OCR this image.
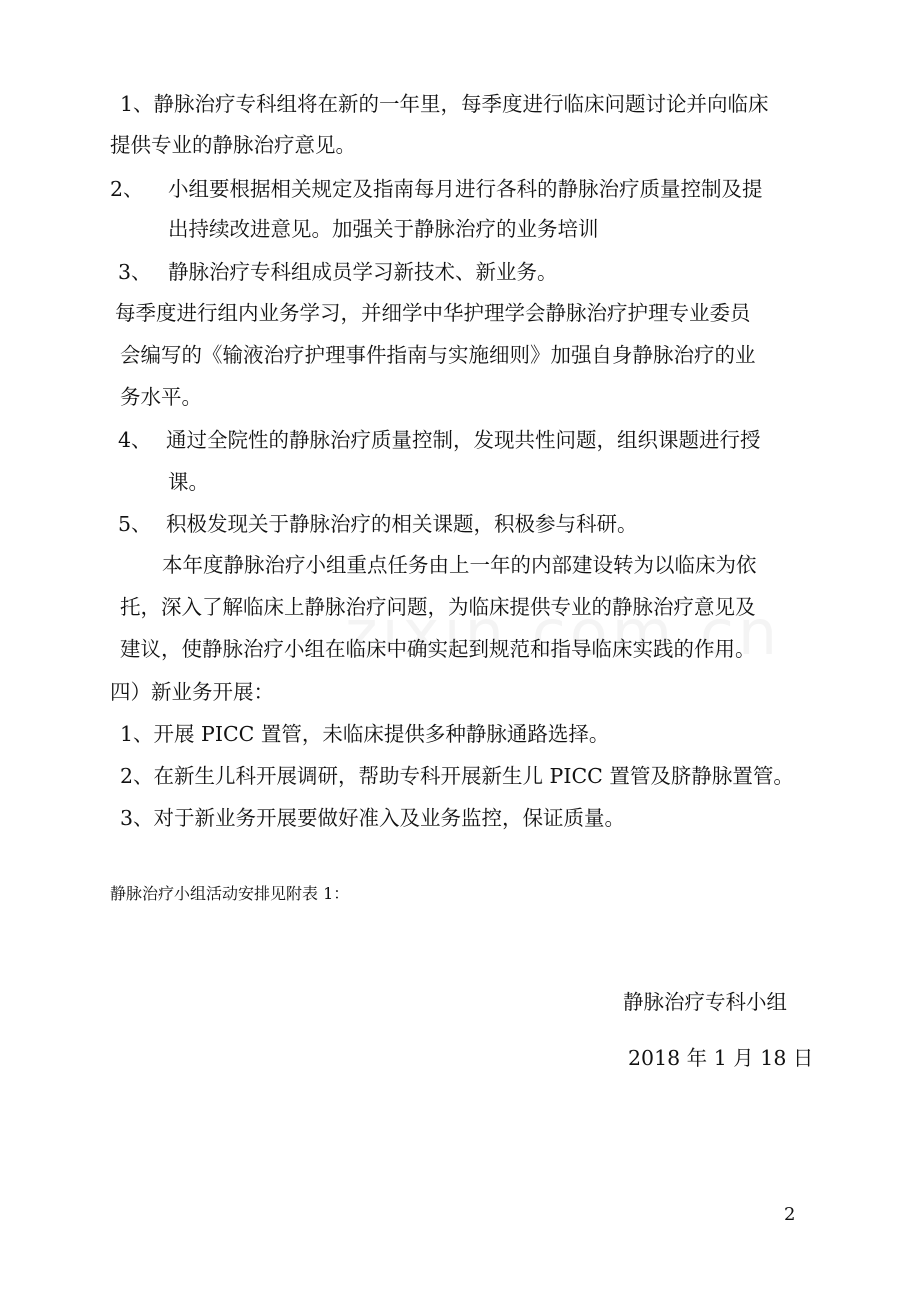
1、静脉治疗专科组将在新的一年里，每季度进行临床问题讨论并向临床

提供专业的静脉治疗意见。

2、 小组要根据相关规定及指南每月进行各科的静脉治疗质量控制及提

出持续改进意见。加强关于静脉治疗的业务培训

3、 静脉治疗专科组成员学习新技术、新业务。

每季度进行组内业务学习，并细学中华护理学会静脉治疗护理专业委员

会编写的《输液治疗护理事件指南与实施细则》加强自身静脉治疗的业

务水平。

4、 通过全院性的静脉治疗质量控制，发现共性问题，组织课题进行授

课。

5、 积极发现关于静脉治疗的相关课题，积极参与科研。

本年度静脉治疗小组重点任务由上一年的内部建设转为以临床为依

托，深入了解临床上静脉治疗问题，为临床提供专业的静脉治疗意见及

建议，使静脉治疗小组在临床中确实起到规范和指导临床实践的作用。

四）新业务开展：

1、开展 PICC 置管，未临床提供多种静脉通路选择。

2、在新生儿科开展调研，帮助专科开展新生儿 PICC 置管及脐静脉置管。

3、对于新业务开展要做好准入及业务监控，保证质量。

静脉治疗小组活动安排见附表 1：

静脉治疗专科小组

2018 年 1 月 18 日

2
